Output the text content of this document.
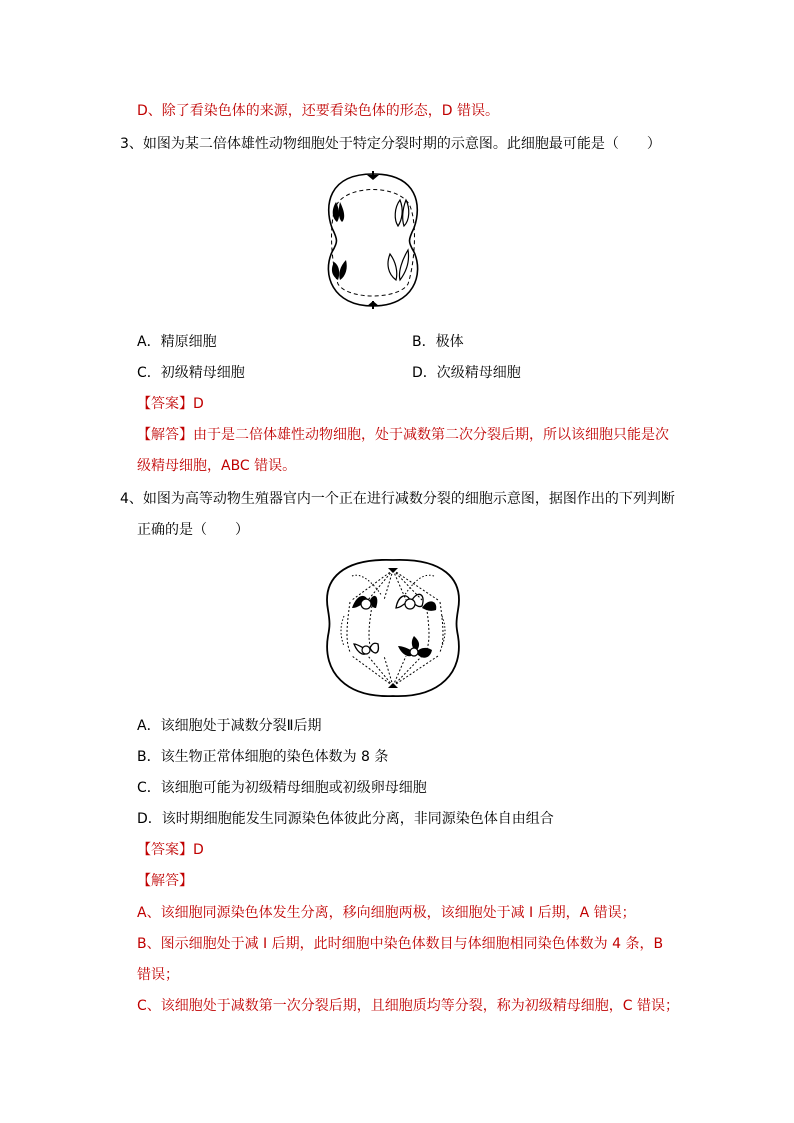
D、除了看染色体的来源，还要看染色体的形态，D 错误。
3、如图为某二倍体雄性动物细胞处于特定分裂时期的示意图。此细胞最可能是（　　）
A．精原细胞	B．极体
C．初级精母细胞	D．次级精母细胞
【答案】D
【解答】由于是二倍体雄性动物细胞，处于减数第二次分裂后期，所以该细胞只能是次
级精母细胞，ABC 错误。
4、如图为高等动物生殖器官内一个正在进行减数分裂的细胞示意图，据图作出的下列判断
正确的是（　　）
A．该细胞处于减数分裂Ⅱ后期
B．该生物正常体细胞的染色体数为 8 条
C．该细胞可能为初级精母细胞或初级卵母细胞
D．该时期细胞能发生同源染色体彼此分离，非同源染色体自由组合
【答案】D
【解答】
A、该细胞同源染色体发生分离，移向细胞两极，该细胞处于减 I 后期，A 错误；
B、图示细胞处于减 I 后期，此时细胞中染色体数目与体细胞相同染色体数为 4 条，B
错误；
C、该细胞处于减数第一次分裂后期，且细胞质均等分裂，称为初级精母细胞，C 错误；
